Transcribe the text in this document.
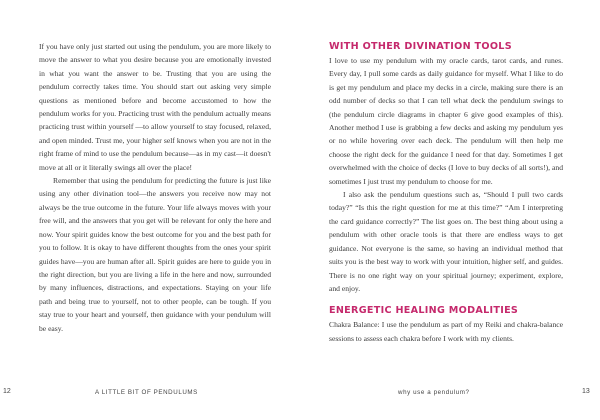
If you have only just started out using the pendulum, you are more likely to move the answer to what you desire because you are emotionally invested in what you want the answer to be. Trusting that you are using the pendulum correctly takes time. You should start out asking very simple questions as mentioned before and become accustomed to how the pendulum works for you. Practicing trust with the pendulum actually means practicing trust within yourself —to allow yourself to stay focused, relaxed, and open minded. Trust me, your higher self knows when you are not in the right frame of mind to use the pendulum because—as in my cast—it doesn't move at all or it literally swings all over the place!

Remember that using the pendulum for predicting the future is just like using any other divination tool—the answers you receive now may not always be the true outcome in the future. Your life always moves with your free will, and the answers that you get will be relevant for only the here and now. Your spirit guides know the best outcome for you and the best path for you to follow. It is okay to have different thoughts from the ones your spirit guides have—you are human after all. Spirit guides are here to guide you in the right direction, but you are living a life in the here and now, surrounded by many influences, distractions, and expectations. Staying on your life path and being true to yourself, not to other people, can be tough. If you stay true to your heart and yourself, then guidance with your pendulum will be easy.

WITH OTHER DIVINATION TOOLS

I love to use my pendulum with my oracle cards, tarot cards, and runes. Every day, I pull some cards as daily guidance for myself. What I like to do is get my pendulum and place my decks in a circle, making sure there is an odd number of decks so that I can tell what deck the pendulum swings to (the pendulum circle diagrams in chapter 6 give good examples of this). Another method I use is grabbing a few decks and asking my pendulum yes or no while hovering over each deck. The pendulum will then help me choose the right deck for the guidance I need for that day. Sometimes I get overwhelmed with the choice of decks (I love to buy decks of all sorts!), and sometimes I just trust my pendulum to choose for me.

I also ask the pendulum questions such as, “Should I pull two cards today?” “Is this the right question for me at this time?” “Am I interpreting the card guidance correctly?” The list goes on. The best thing about using a pendulum with other oracle tools is that there are endless ways to get guidance. Not everyone is the same, so having an individual method that suits you is the best way to work with your intuition, higher self, and guides. There is no one right way on your spiritual journey; experiment, explore, and enjoy.

ENERGETIC HEALING MODALITIES

Chakra Balance: I use the pendulum as part of my Reiki and chakra-balance sessions to assess each chakra before I work with my clients.

12	A LITTLE BIT OF PENDULUMS	why use a pendulum?	13
